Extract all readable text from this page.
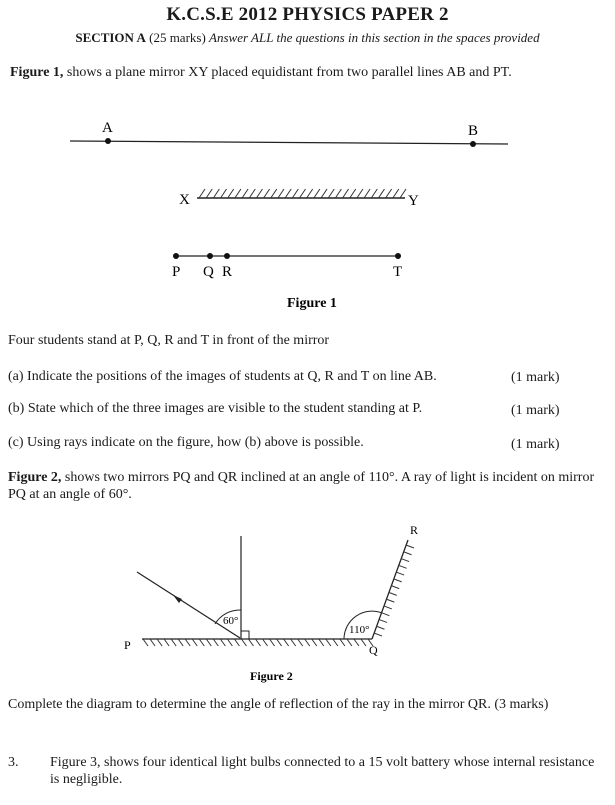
K.C.S.E 2012 PHYSICS PAPER 2
SECTION A (25 marks) Answer ALL the questions in this section in the spaces provided
Figure 1, shows a plane mirror XY placed equidistant from two parallel lines AB and PT.
A	B
X	Y
P Q R	T
Figure 1
Four students stand at P, Q, R and T in front of the mirror
(a) Indicate the positions of the images of students at Q, R and T on line AB.	(1 mark)
(b) State which of the three images are visible to the student standing at P.	(1 mark)
(c) Using rays indicate on the figure, how (b) above is possible.	(1 mark)
Figure 2, shows two mirrors PQ and QR inclined at an angle of 110°. A ray of light is incident on mirror
PQ at an angle of 60°.
60°
110°
P	Q
R
Figure 2
Complete the diagram to determine the angle of reflection of the ray in the mirror QR. (3 marks)
3. Figure 3, shows four identical light bulbs connected to a 15 volt battery whose internal resistance
is negligible.
